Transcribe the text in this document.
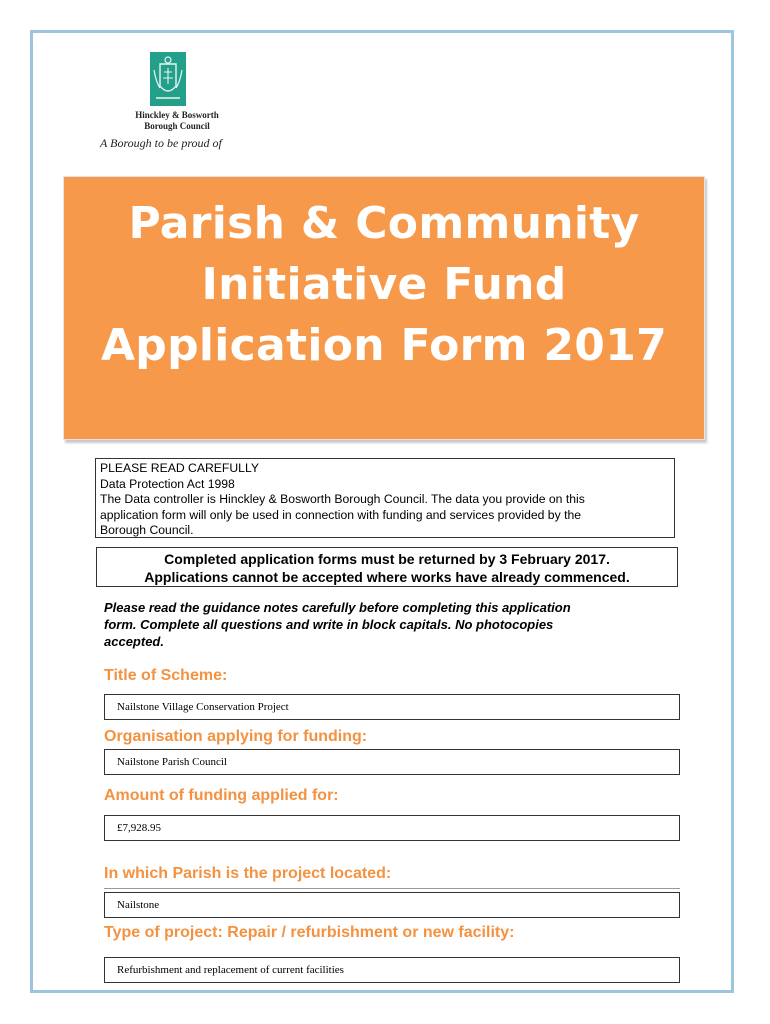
Hinckley & Bosworth
Borough Council
A Borough to be proud of
Parish & Community
Initiative Fund
Application Form 2017
PLEASE READ CAREFULLY
Data Protection Act 1998
The Data controller is Hinckley & Bosworth Borough Council. The data you provide on this
application form will only be used in connection with funding and services provided by the
Borough Council.
Completed application forms must be returned by 3 February 2017.
Applications cannot be accepted where works have already commenced.
Please read the guidance notes carefully before completing this application
form. Complete all questions and write in block capitals. No photocopies
accepted.
Title of Scheme:
Nailstone Village Conservation Project
Organisation applying for funding:
Nailstone Parish Council
Amount of funding applied for:
£7,928.95
In which Parish is the project located:
Nailstone
Type of project: Repair / refurbishment or new facility:
Refurbishment and replacement of current facilities
